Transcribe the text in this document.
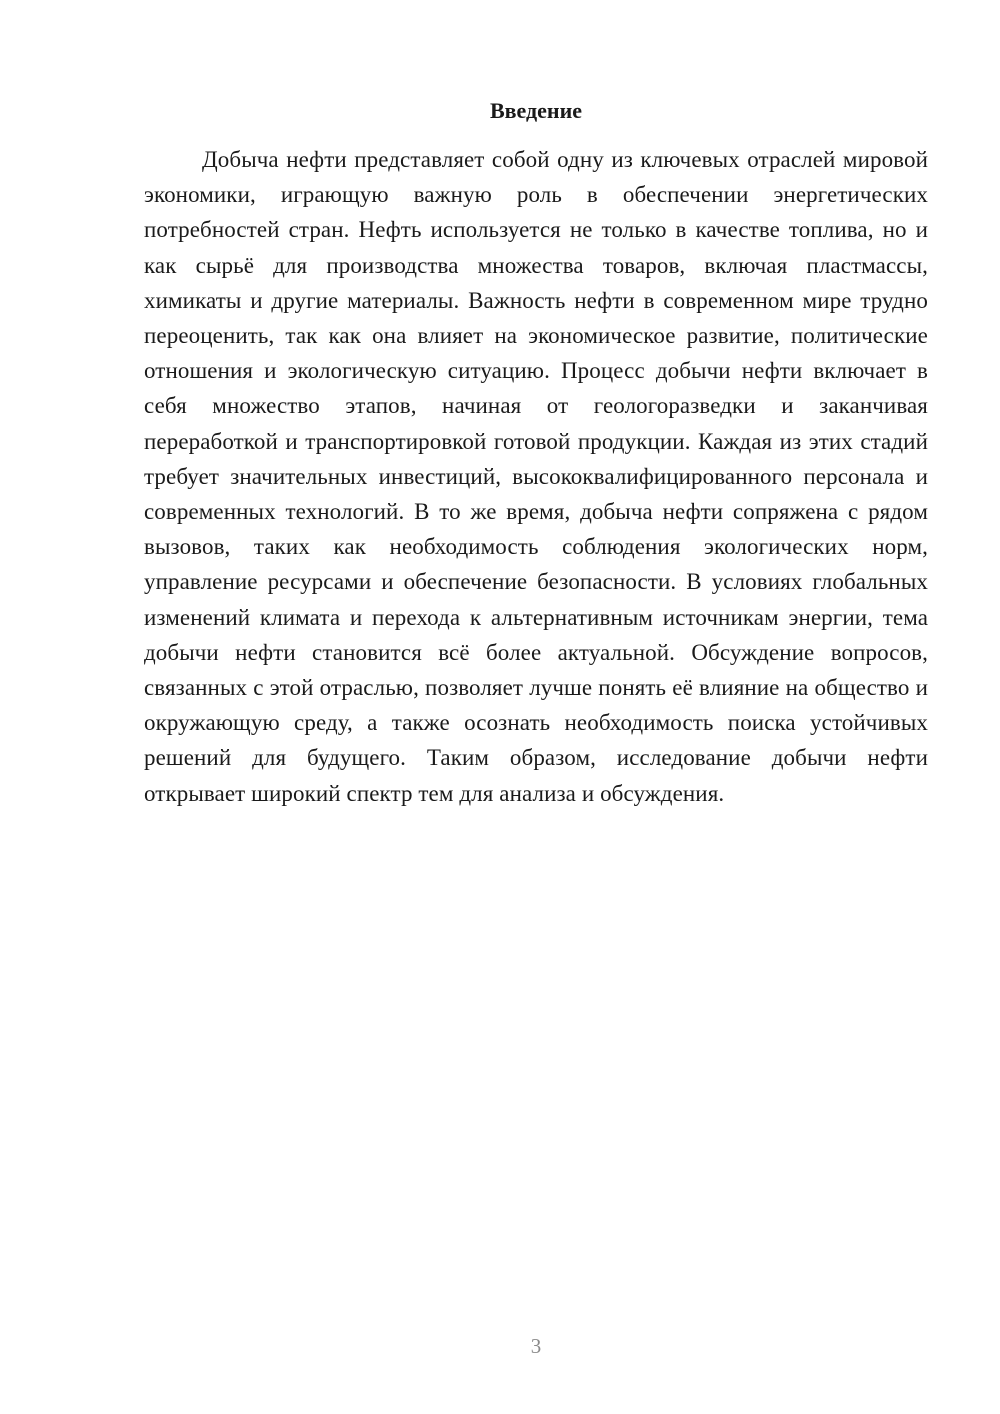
Введение

Добыча нефти представляет собой одну из ключевых отраслей мировой экономики, играющую важную роль в обеспечении энергетических потребностей стран. Нефть используется не только в качестве топлива, но и как сырьё для производства множества товаров, включая пластмассы, химикаты и другие материалы. Важность нефти в современном мире трудно переоценить, так как она влияет на экономическое развитие, политические отношения и экологическую ситуацию. Процесс добычи нефти включает в себя множество этапов, начиная от геологоразведки и заканчивая переработкой и транспортировкой готовой продукции. Каждая из этих стадий требует значительных инвестиций, высококвалифицированного персонала и современных технологий. В то же время, добыча нефти сопряжена с рядом вызовов, таких как необходимость соблюдения экологических норм, управление ресурсами и обеспечение безопасности. В условиях глобальных изменений климата и перехода к альтернативным источникам энергии, тема добычи нефти становится всё более актуальной. Обсуждение вопросов, связанных с этой отраслью, позволяет лучше понять её влияние на общество и окружающую среду, а также осознать необходимость поиска устойчивых решений для будущего. Таким образом, исследование добычи нефти открывает широкий спектр тем для анализа и обсуждения.

3
